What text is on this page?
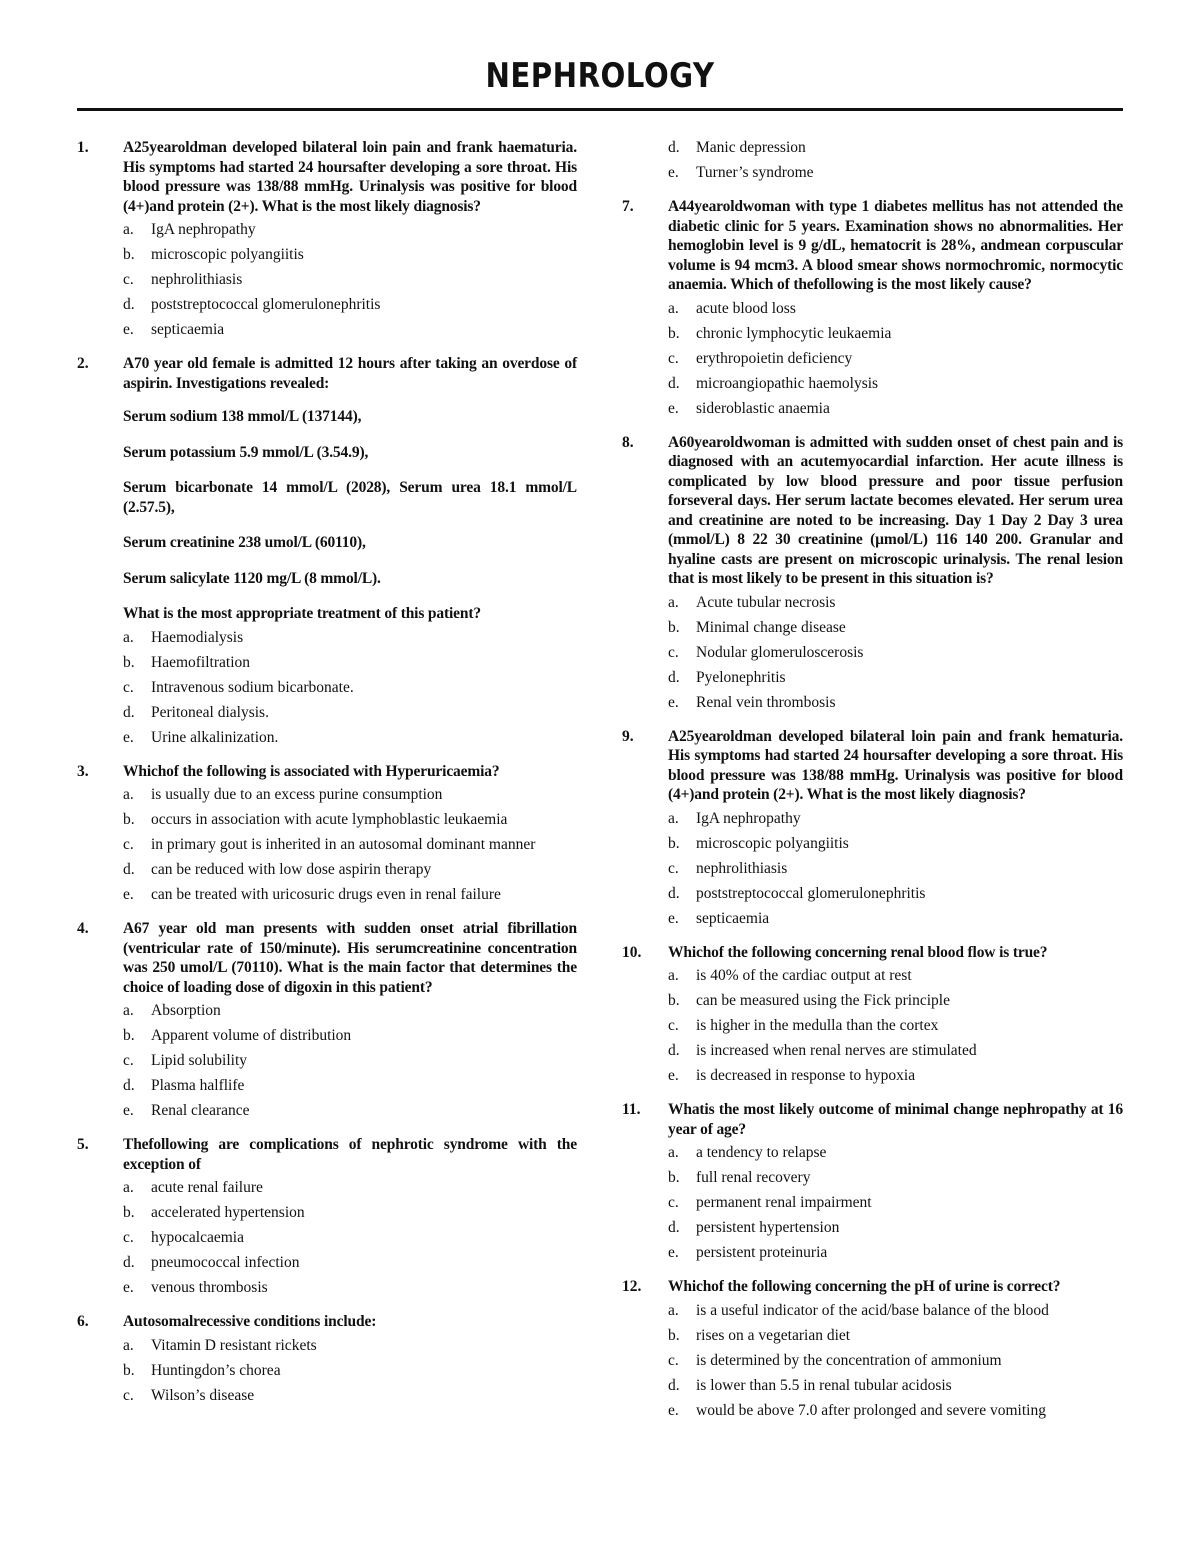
NEPHROLOGY
1. A25yearoldman developed bilateral loin pain and frank haematuria. His symptoms had started 24 hoursafter developing a sore throat. His blood pressure was 138/88 mmHg. Urinalysis was positive for blood (4+)and protein (2+). What is the most likely diagnosis?
a. IgA nephropathy
b. microscopic polyangiitis
c. nephrolithiasis
d. poststreptococcal glomerulonephritis
e. septicaemia
2. A70 year old female is admitted 12 hours after taking an overdose of aspirin. Investigations revealed:
Serum sodium 138 mmol/L (137144),
Serum potassium 5.9 mmol/L (3.54.9),
Serum bicarbonate 14 mmol/L (2028), Serum urea 18.1 mmol/L (2.57.5),
Serum creatinine 238 umol/L (60110),
Serum salicylate 1120 mg/L (8 mmol/L).
What is the most appropriate treatment of this patient?
a. Haemodialysis
b. Haemofiltration
c. Intravenous sodium bicarbonate.
d. Peritoneal dialysis.
e. Urine alkalinization.
3. Whichof the following is associated with Hyperuricaemia?
a. is usually due to an excess purine consumption
b. occurs in association with acute lymphoblastic leukaemia
c. in primary gout is inherited in an autosomal dominant manner
d. can be reduced with low dose aspirin therapy
e. can be treated with uricosuric drugs even in renal failure
4. A67 year old man presents with sudden onset atrial fibrillation (ventricular rate of 150/minute). His serumcreatinine concentration was 250 umol/L (70110). What is the main factor that determines the choice of loading dose of digoxin in this patient?
a. Absorption
b. Apparent volume of distribution
c. Lipid solubility
d. Plasma halflife
e. Renal clearance
5. Thefollowing are complications of nephrotic syndrome with the exception of
a. acute renal failure
b. accelerated hypertension
c. hypocalcaemia
d. pneumococcal infection
e. venous thrombosis
6. Autosomalrecessive conditions include:
a. Vitamin D resistant rickets
b. Huntingdon’s chorea
c. Wilson’s disease
d. Manic depression
e. Turner’s syndrome
7. A44yearoldwoman with type 1 diabetes mellitus has not attended the diabetic clinic for 5 years. Examination shows no abnormalities. Her hemoglobin level is 9 g/dL, hematocrit is 28%, andmean corpuscular volume is 94 mcm3. A blood smear shows normochromic, normocytic anaemia. Which of thefollowing is the most likely cause?
a. acute blood loss
b. chronic lymphocytic leukaemia
c. erythropoietin deficiency
d. microangiopathic haemolysis
e. sideroblastic anaemia
8. A60yearoldwoman is admitted with sudden onset of chest pain and is diagnosed with an acutemyocardial infarction. Her acute illness is complicated by low blood pressure and poor tissue perfusion forseveral days. Her serum lactate becomes elevated. Her serum urea and creatinine are noted to be increasing. Day 1 Day 2 Day 3 urea (mmol/L) 8 22 30 creatinine (µmol/L) 116 140 200. Granular and hyaline casts are present on microscopic urinalysis. The renal lesion that is most likely to be present in this situation is?
a. Acute tubular necrosis
b. Minimal change disease
c. Nodular glomeruloscerosis
d. Pyelonephritis
e. Renal vein thrombosis
9. A25yearoldman developed bilateral loin pain and frank hematuria. His symptoms had started 24 hoursafter developing a sore throat. His blood pressure was 138/88 mmHg. Urinalysis was positive for blood (4+)and protein (2+). What is the most likely diagnosis?
a. IgA nephropathy
b. microscopic polyangiitis
c. nephrolithiasis
d. poststreptococcal glomerulonephritis
e. septicaemia
10. Whichof the following concerning renal blood flow is true?
a. is 40% of the cardiac output at rest
b. can be measured using the Fick principle
c. is higher in the medulla than the cortex
d. is increased when renal nerves are stimulated
e. is decreased in response to hypoxia
11. Whatis the most likely outcome of minimal change nephropathy at 16 year of age?
a. a tendency to relapse
b. full renal recovery
c. permanent renal impairment
d. persistent hypertension
e. persistent proteinuria
12. Whichof the following concerning the pH of urine is correct?
a. is a useful indicator of the acid/base balance of the blood
b. rises on a vegetarian diet
c. is determined by the concentration of ammonium
d. is lower than 5.5 in renal tubular acidosis
e. would be above 7.0 after prolonged and severe vomiting
